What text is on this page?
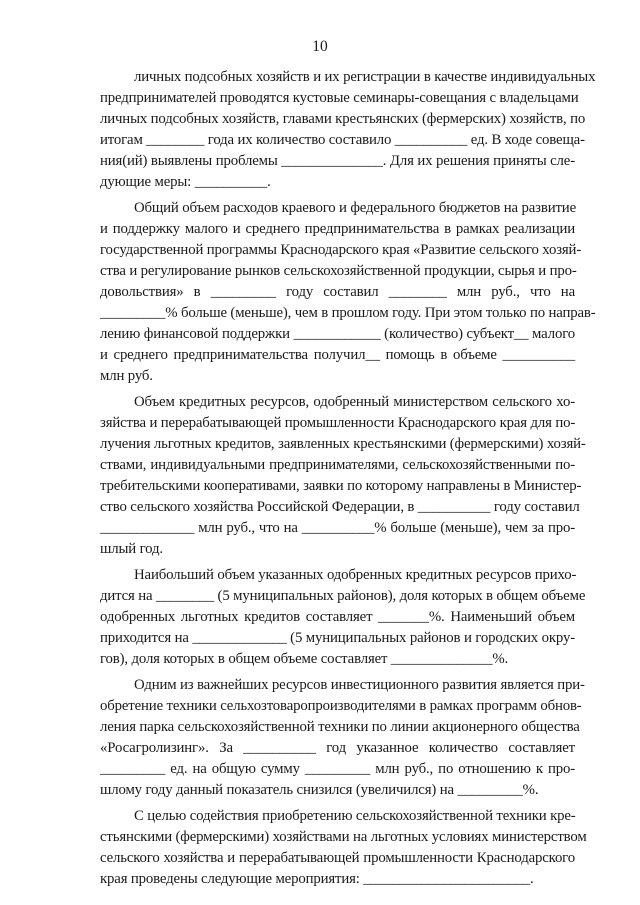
10
личных подсобных хозяйств и их регистрации в качестве индивидуальных
предпринимателей проводятся кустовые семинары-совещания с владельцами
личных подсобных хозяйств, главами крестьянских (фермерских) хозяйств, по
итогам ________ года их количество составило __________ ед. В ходе совеща-
ния(ий) выявлены проблемы ______________. Для их решения приняты сле-
дующие меры: __________.
Общий объем расходов краевого и федерального бюджетов на развитие
и поддержку малого и среднего предпринимательства в рамках реализации
государственной программы Краснодарского края «Развитие сельского хозяй-
ства и регулирование рынков сельскохозяйственной продукции, сырья и про-
довольствия» в _________ году составил ________ млн руб., что на
_________% больше (меньше), чем в прошлом году. При этом только по направ-
лению финансовой поддержки ____________ (количество) субъект__ малого
и среднего предпринимательства получил__ помощь в объеме __________
млн руб.
Объем кредитных ресурсов, одобренный министерством сельского хо-
зяйства и перерабатывающей промышленности Краснодарского края для по-
лучения льготных кредитов, заявленных крестьянскими (фермерскими) хозяй-
ствами, индивидуальными предпринимателями, сельскохозяйственными по-
требительскими кооперативами, заявки по которому направлены в Министер-
ство сельского хозяйства Российской Федерации, в __________ году составил
_____________ млн руб., что на __________% больше (меньше), чем за про-
шлый год.
Наибольший объем указанных одобренных кредитных ресурсов прихо-
дится на ________ (5 муниципальных районов), доля которых в общем объеме
одобренных льготных кредитов составляет _______%. Наименьший объем
приходится на _____________ (5 муниципальных районов и городских окру-
гов), доля которых в общем объеме составляет ______________%.
Одним из важнейших ресурсов инвестиционного развития является при-
обретение техники сельхозтоваропроизводителями в рамках программ обнов-
ления парка сельскохозяйственной техники по линии акционерного общества
«Росагролизинг». За __________ год указанное количество составляет
_________ ед. на общую сумму _________ млн руб., по отношению к про-
шлому году данный показатель снизился (увеличился) на _________%.
С целью содействия приобретению сельскохозяйственной техники кре-
стьянскими (фермерскими) хозяйствами на льготных условиях министерством
сельского хозяйства и перерабатывающей промышленности Краснодарского
края проведены следующие мероприятия: _______________________.
